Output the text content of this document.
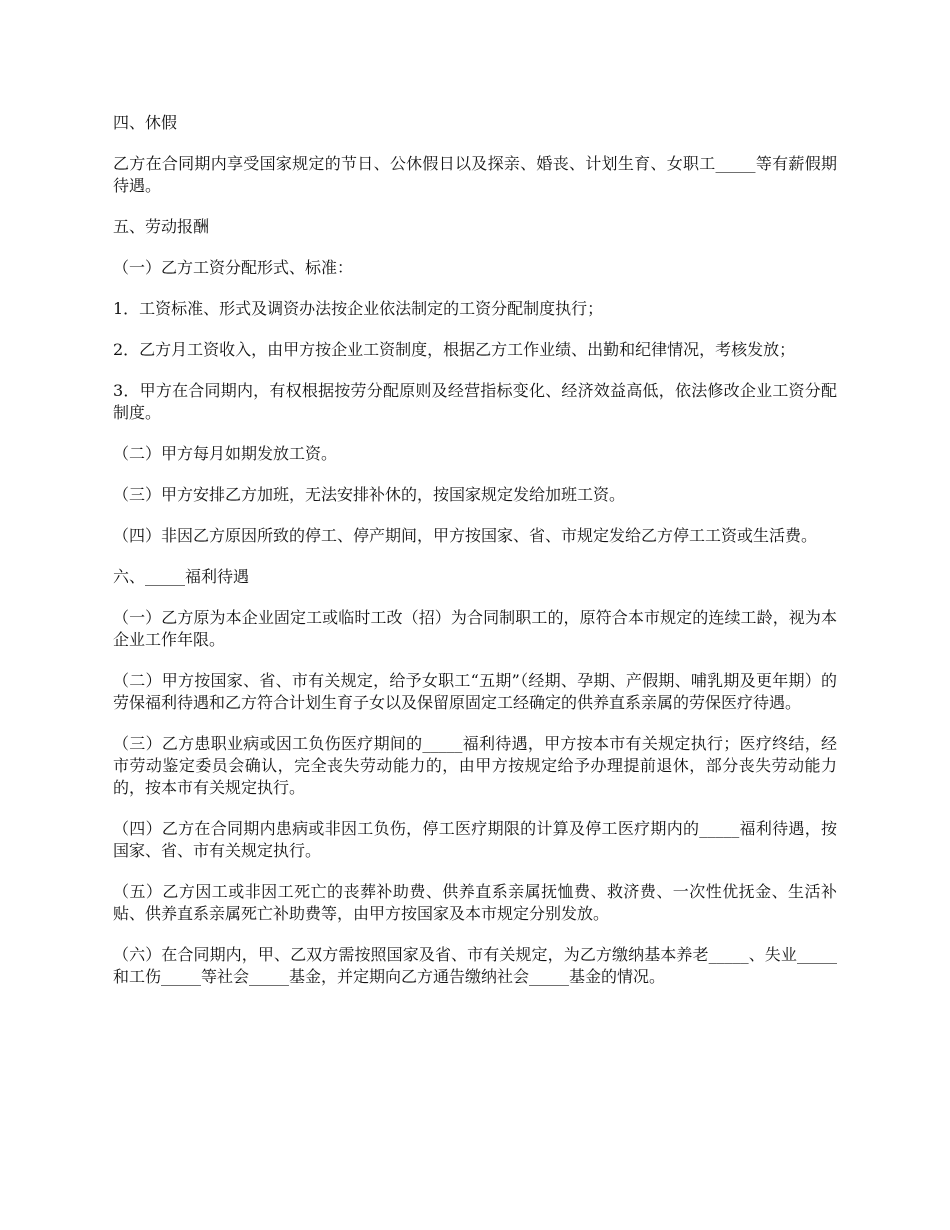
四、休假

乙方在合同期内享受国家规定的节日、公休假日以及探亲、婚丧、计划生育、女职工_____等有薪假期待遇。

五、劳动报酬

（一）乙方工资分配形式、标准：

1．工资标准、形式及调资办法按企业依法制定的工资分配制度执行；

2．乙方月工资收入，由甲方按企业工资制度，根据乙方工作业绩、出勤和纪律情况，考核发放；

3．甲方在合同期内，有权根据按劳分配原则及经营指标变化、经济效益高低，依法修改企业工资分配制度。

（二）甲方每月如期发放工资。

（三）甲方安排乙方加班，无法安排补休的，按国家规定发给加班工资。

（四）非因乙方原因所致的停工、停产期间，甲方按国家、省、市规定发给乙方停工工资或生活费。

六、_____福利待遇

（一）乙方原为本企业固定工或临时工改（招）为合同制职工的，原符合本市规定的连续工龄，视为本企业工作年限。

（二）甲方按国家、省、市有关规定，给予女职工“五期”（经期、孕期、产假期、哺乳期及更年期）的劳保福利待遇和乙方符合计划生育子女以及保留原固定工经确定的供养直系亲属的劳保医疗待遇。

（三）乙方患职业病或因工负伤医疗期间的_____福利待遇，甲方按本市有关规定执行；医疗终结，经市劳动鉴定委员会确认，完全丧失劳动能力的，由甲方按规定给予办理提前退休，部分丧失劳动能力的，按本市有关规定执行。

（四）乙方在合同期内患病或非因工负伤，停工医疗期限的计算及停工医疗期内的_____福利待遇，按国家、省、市有关规定执行。

（五）乙方因工或非因工死亡的丧葬补助费、供养直系亲属抚恤费、救济费、一次性优抚金、生活补贴、供养直系亲属死亡补助费等，由甲方按国家及本市规定分别发放。

（六）在合同期内，甲、乙双方需按照国家及省、市有关规定，为乙方缴纳基本养老_____、失业_____和工伤_____等社会_____基金，并定期向乙方通告缴纳社会_____基金的情况。
